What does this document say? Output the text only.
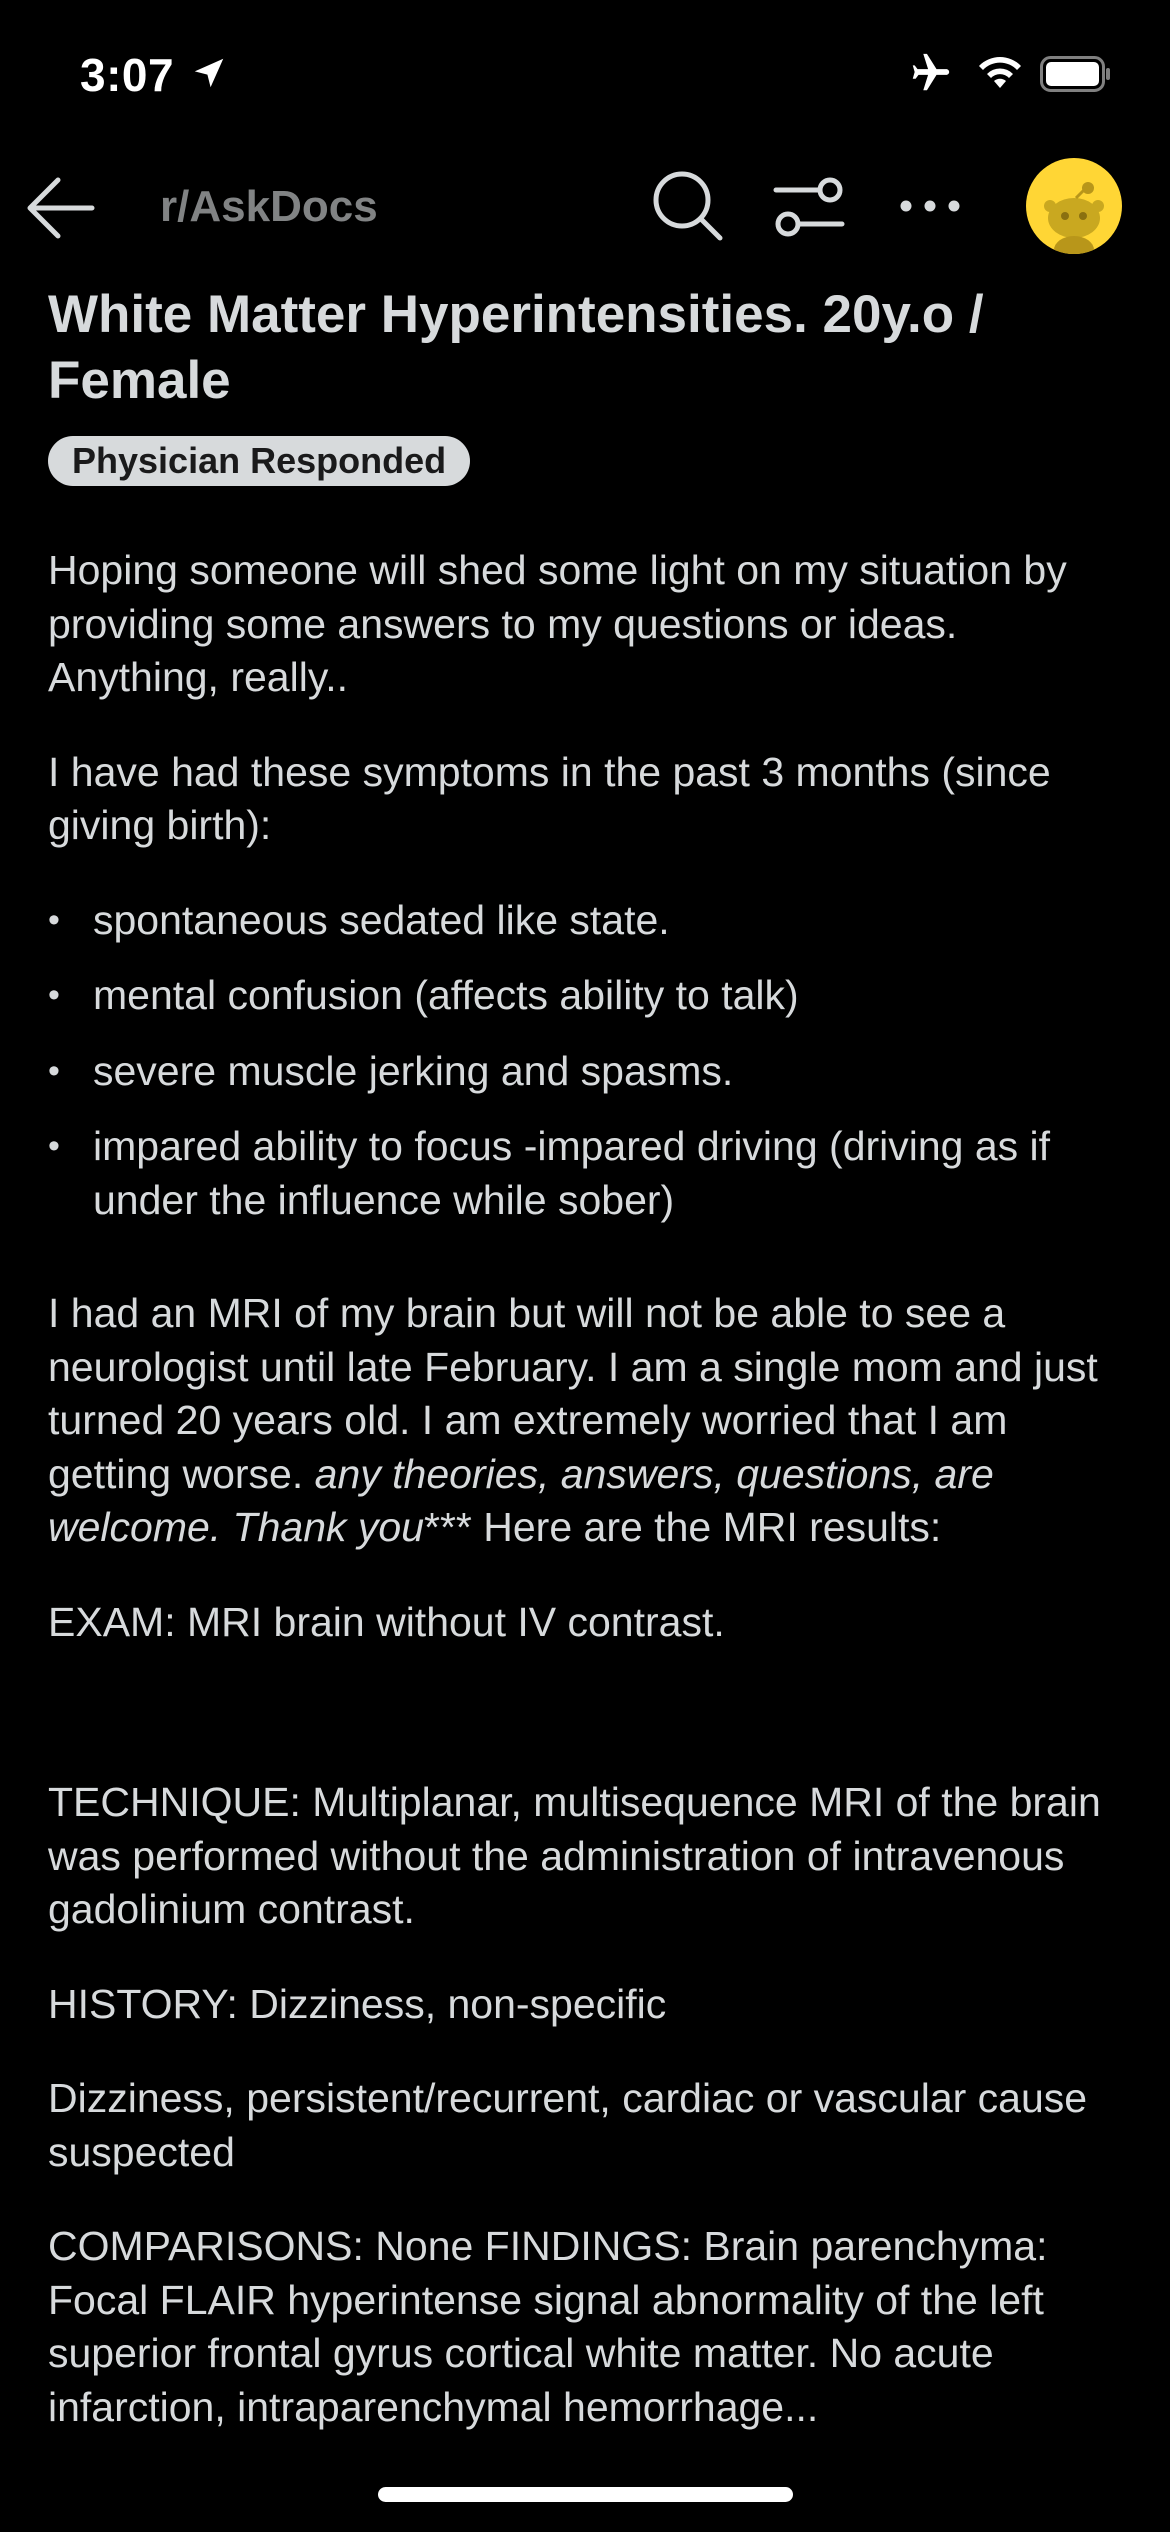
3:07
r/AskDocs
White Matter Hyperintensities. 20y.o / Female
Physician Responded

Hoping someone will shed some light on my situation by providing some answers to my questions or ideas. Anything, really..

I have had these symptoms in the past 3 months (since giving birth):

• spontaneous sedated like state.
• mental confusion (affects ability to talk)
• severe muscle jerking and spasms.
• impared ability to focus -impared driving (driving as if under the influence while sober)

I had an MRI of my brain but will not be able to see a neurologist until late February. I am a single mom and just turned 20 years old. I am extremely worried that I am getting worse. any theories, answers, questions, are welcome. Thank you*** Here are the MRI results:

EXAM: MRI brain without IV contrast.

TECHNIQUE: Multiplanar, multisequence MRI of the brain was performed without the administration of intravenous gadolinium contrast.

HISTORY: Dizziness, non-specific

Dizziness, persistent/recurrent, cardiac or vascular cause suspected

COMPARISONS: None FINDINGS: Brain parenchyma: Focal FLAIR hyperintense signal abnormality of the left superior frontal gyrus cortical white matter. No acute infarction, intraparenchymal hemorrhage...
